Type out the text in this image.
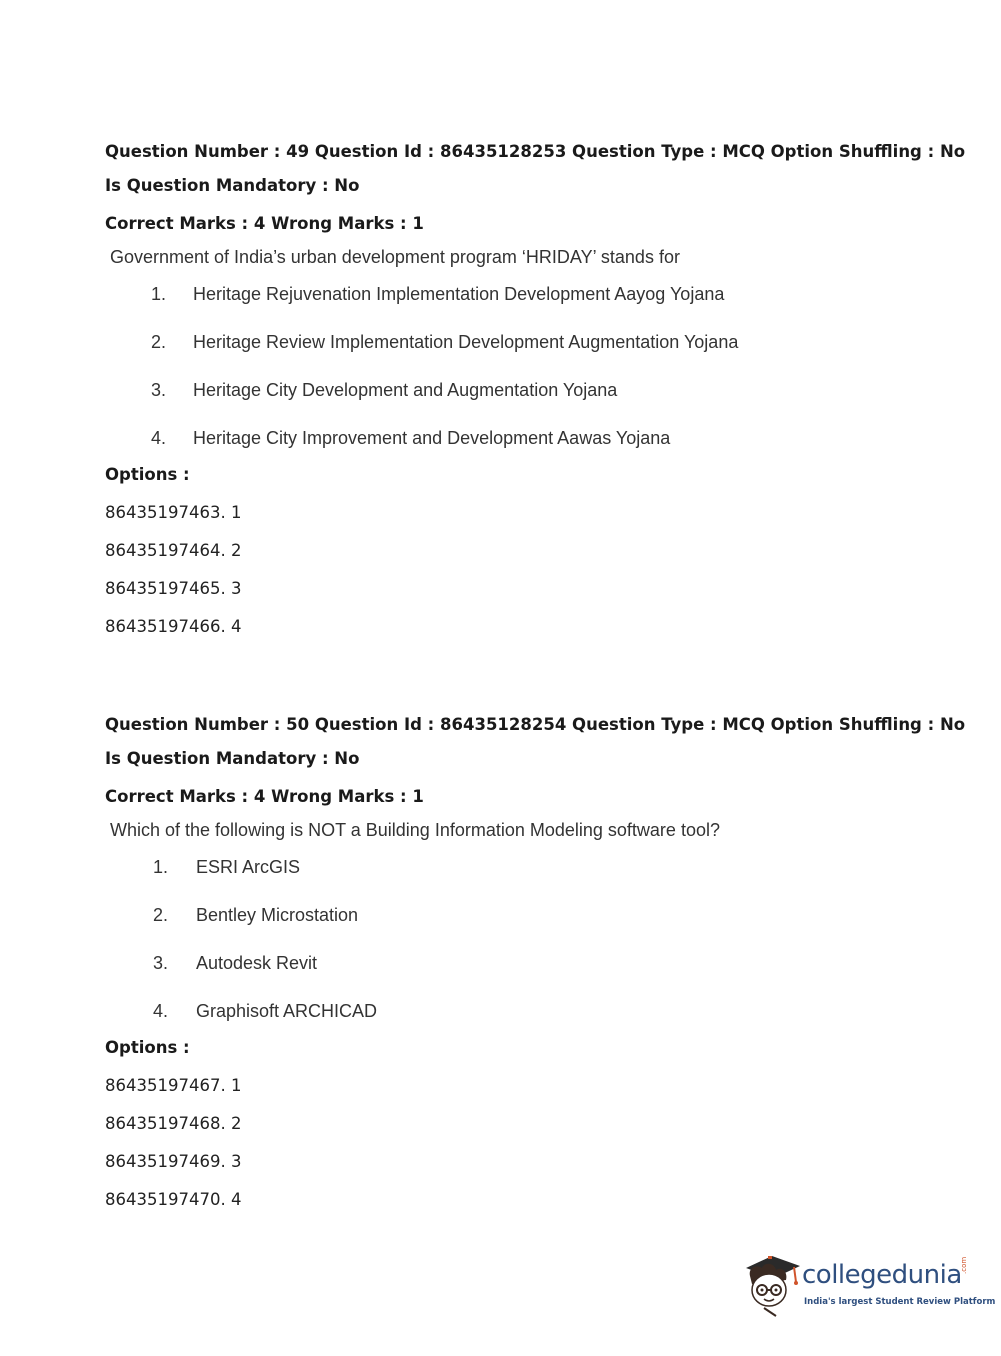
Question Number : 49 Question Id : 86435128253 Question Type : MCQ Option Shuffling : No
Is Question Mandatory : No
Correct Marks : 4 Wrong Marks : 1
Government of India’s urban development program ‘HRIDAY’ stands for
1.	Heritage Rejuvenation Implementation Development Aayog Yojana
2.	Heritage Review Implementation Development Augmentation Yojana
3.	Heritage City Development and Augmentation Yojana
4.	Heritage City Improvement and Development Aawas Yojana
Options :
86435197463. 1
86435197464. 2
86435197465. 3
86435197466. 4
Question Number : 50 Question Id : 86435128254 Question Type : MCQ Option Shuffling : No
Is Question Mandatory : No
Correct Marks : 4 Wrong Marks : 1
Which of the following is NOT a Building Information Modeling software tool?
1.	ESRI ArcGIS
2.	Bentley Microstation
3.	Autodesk Revit
4.	Graphisoft ARCHICAD
Options :
86435197467. 1
86435197468. 2
86435197469. 3
86435197470. 4
collegedunia
.com
India's largest Student Review Platform
